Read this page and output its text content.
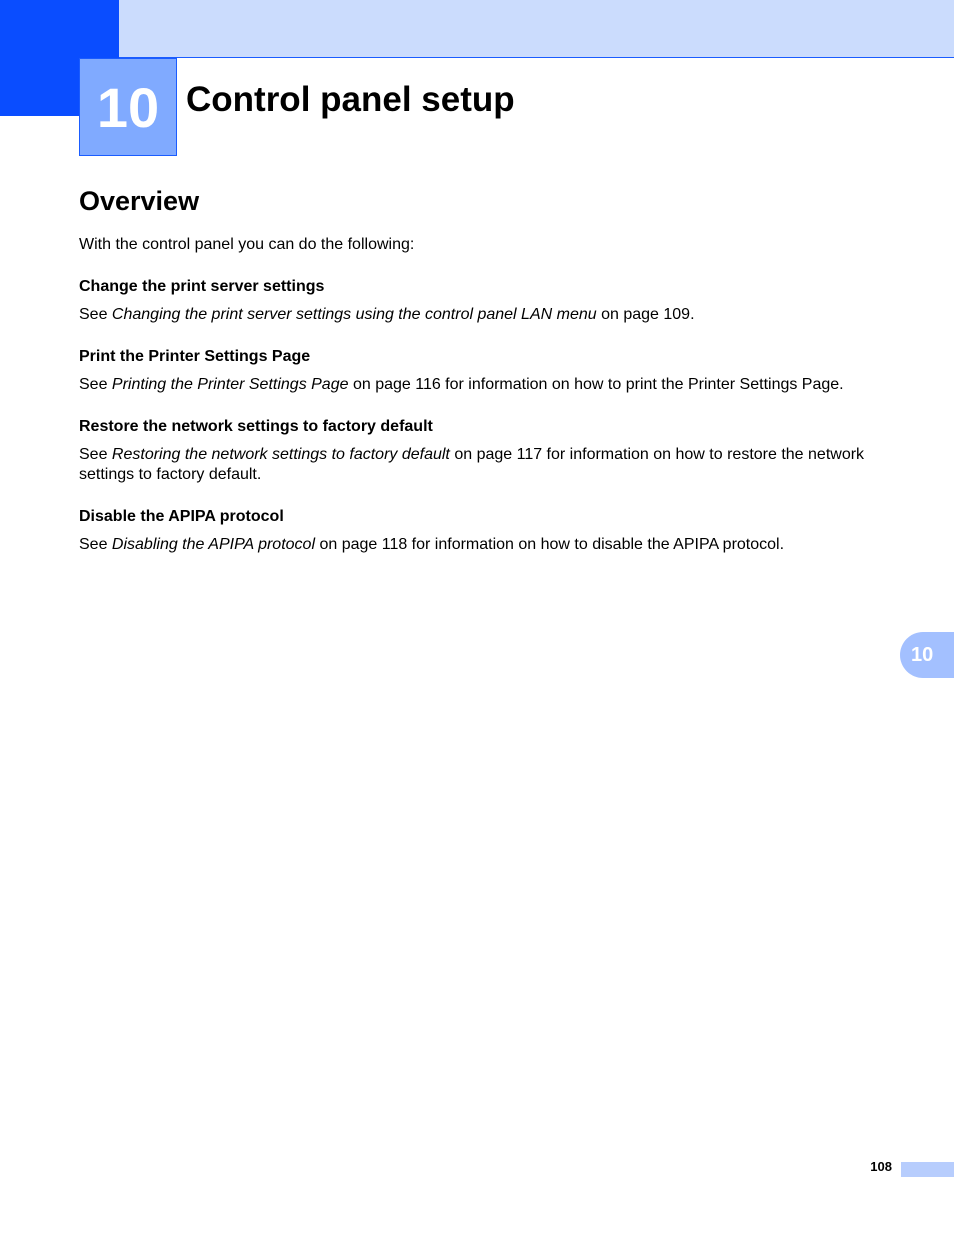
10 Control panel setup
Overview

With the control panel you can do the following:

Change the print server settings

See Changing the print server settings using the control panel LAN menu on page 109.

Print the Printer Settings Page

See Printing the Printer Settings Page on page 116 for information on how to print the Printer Settings Page.

Restore the network settings to factory default

See Restoring the network settings to factory default on page 117 for information on how to restore the network settings to factory default.

Disable the APIPA protocol

See Disabling the APIPA protocol on page 118 for information on how to disable the APIPA protocol.

10
108
